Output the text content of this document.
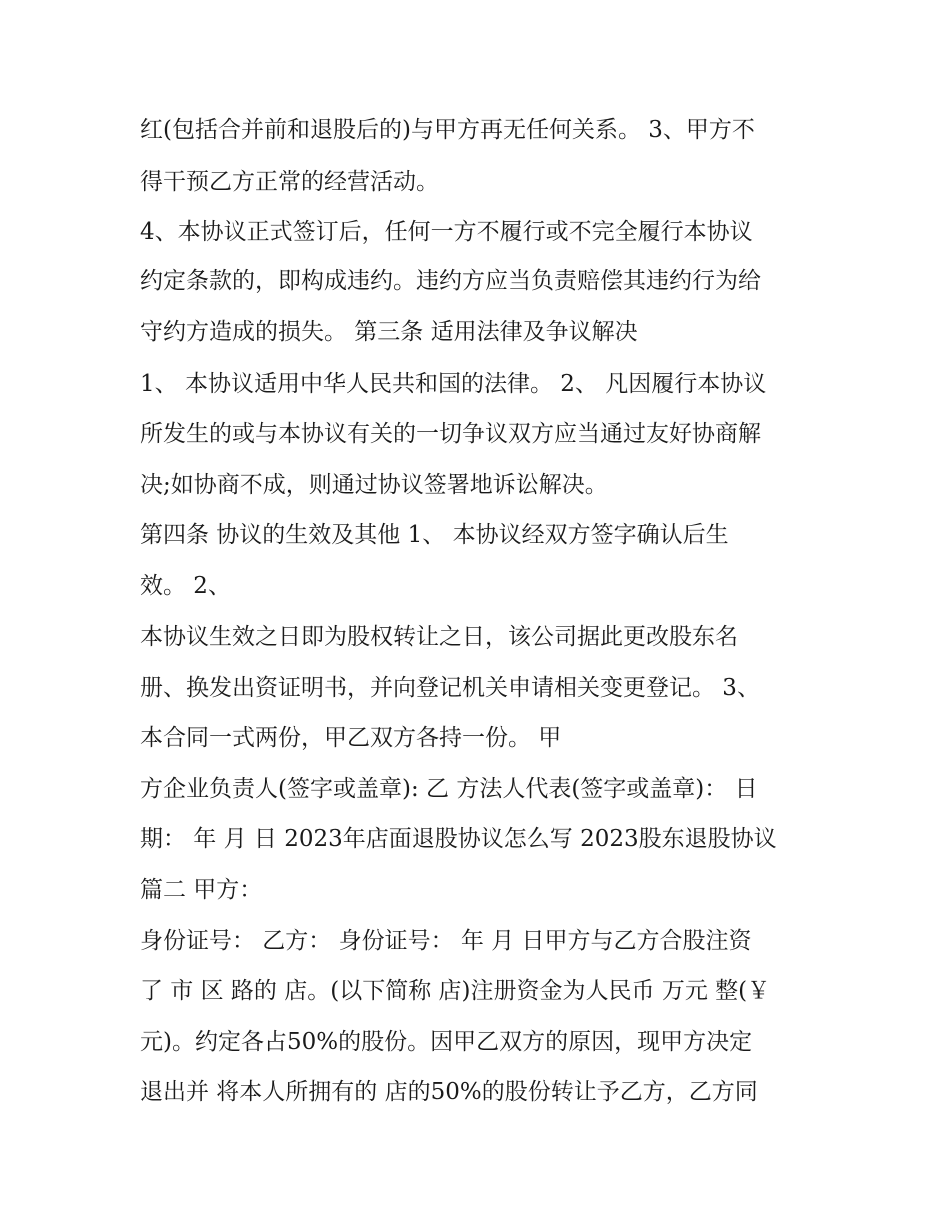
红(包括合并前和退股后的)与甲方再无任何关系。 3、甲方不
得干预乙方正常的经营活动。
4、本协议正式签订后，任何一方不履行或不完全履行本协议
约定条款的，即构成违约。违约方应当负责赔偿其违约行为给
守约方造成的损失。 第三条 适用法律及争议解决
1、 本协议适用中华人民共和国的法律。 2、 凡因履行本协议
所发生的或与本协议有关的一切争议双方应当通过友好协商解
决;如协商不成，则通过协议签署地诉讼解决。
第四条 协议的生效及其他 1、 本协议经双方签字确认后生
效。 2、
本协议生效之日即为股权转让之日，该公司据此更改股东名
册、换发出资证明书，并向登记机关申请相关变更登记。 3、
本合同一式两份，甲乙双方各持一份。 甲
方企业负责人(签字或盖章): 乙 方法人代表(签字或盖章)： 日
期： 年 月 日 2023年店面退股协议怎么写 2023股东退股协议
篇二 甲方：
身份证号： 乙方： 身份证号： 年 月 日甲方与乙方合股注资
了 市 区 路的 店。(以下简称 店)注册资金为人民币 万元 整(￥
元)。约定各占50%的股份。因甲乙双方的原因，现甲方决定
退出并 将本人所拥有的 店的50%的股份转让予乙方，乙方同
